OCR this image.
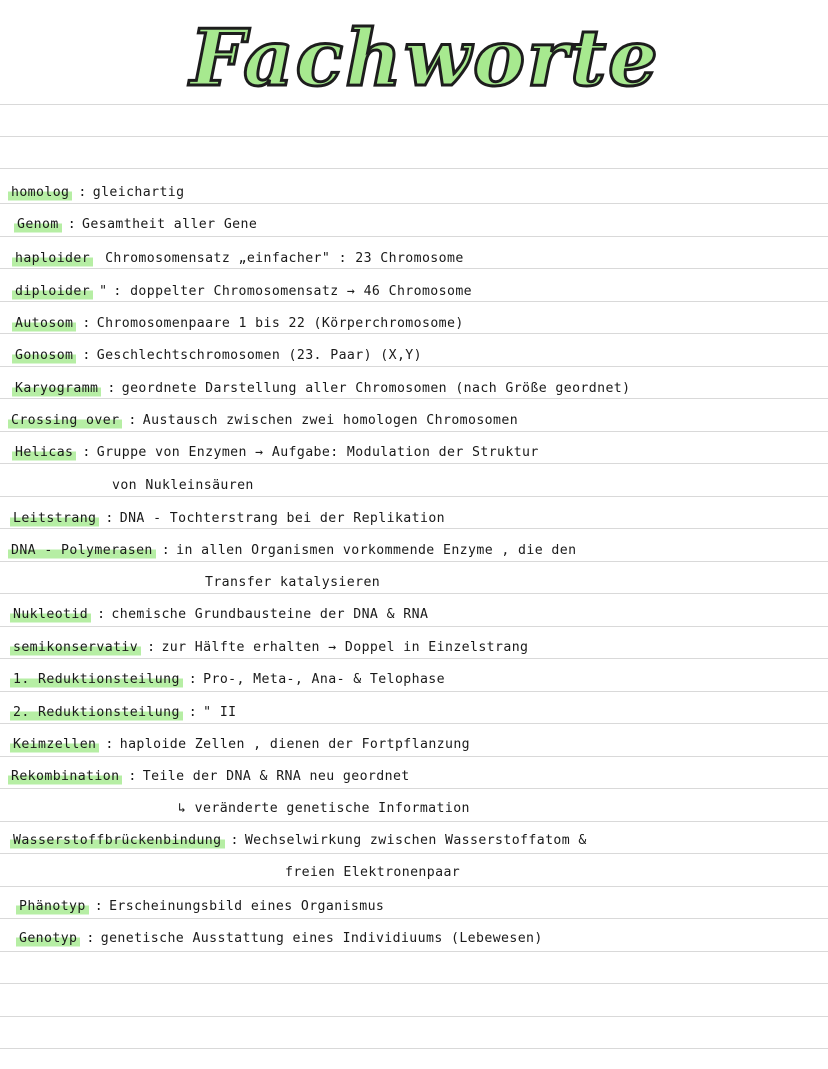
Fachworte
homolog : gleichartig
Genom : Gesamtheit aller Gene
haploider Chromosomensatz „einfacher" : 23 Chromosome
diploider " : doppelter Chromosomensatz → 46 Chromosome
Autosom : Chromosomenpaare 1 bis 22 (Körperchromosome)
Gonosom : Geschlechtschromosomen (23. Paar) (X,Y)
Karyogramm : geordnete Darstellung aller Chromosomen (nach Größe geordnet)
Crossing over : Austausch zwischen zwei homologen Chromosomen
Helicas : Gruppe von Enzymen → Aufgabe: Modulation der Struktur
von Nukleinsäuren
Leitstrang : DNA - Tochterstrang bei der Replikation
DNA - Polymerasen : in allen Organismen vorkommende Enzyme , die den
Transfer katalysieren
Nukleotid : chemische Grundbausteine der DNA & RNA
semikonservativ : zur Hälfte erhalten → Doppel in Einzelstrang
1. Reduktionsteilung : Pro-, Meta-, Ana- & Telophase
2. Reduktionsteilung : " II
Keimzellen : haploide Zellen , dienen der Fortpflanzung
Rekombination : Teile der DNA & RNA neu geordnet
↳ veränderte genetische Information
Wasserstoffbrückenbindung : Wechselwirkung zwischen Wasserstoffatom &
freien Elektronenpaar
Phänotyp : Erscheinungsbild eines Organismus
Genotyp : genetische Ausstattung eines Individiuums (Lebewesen)
